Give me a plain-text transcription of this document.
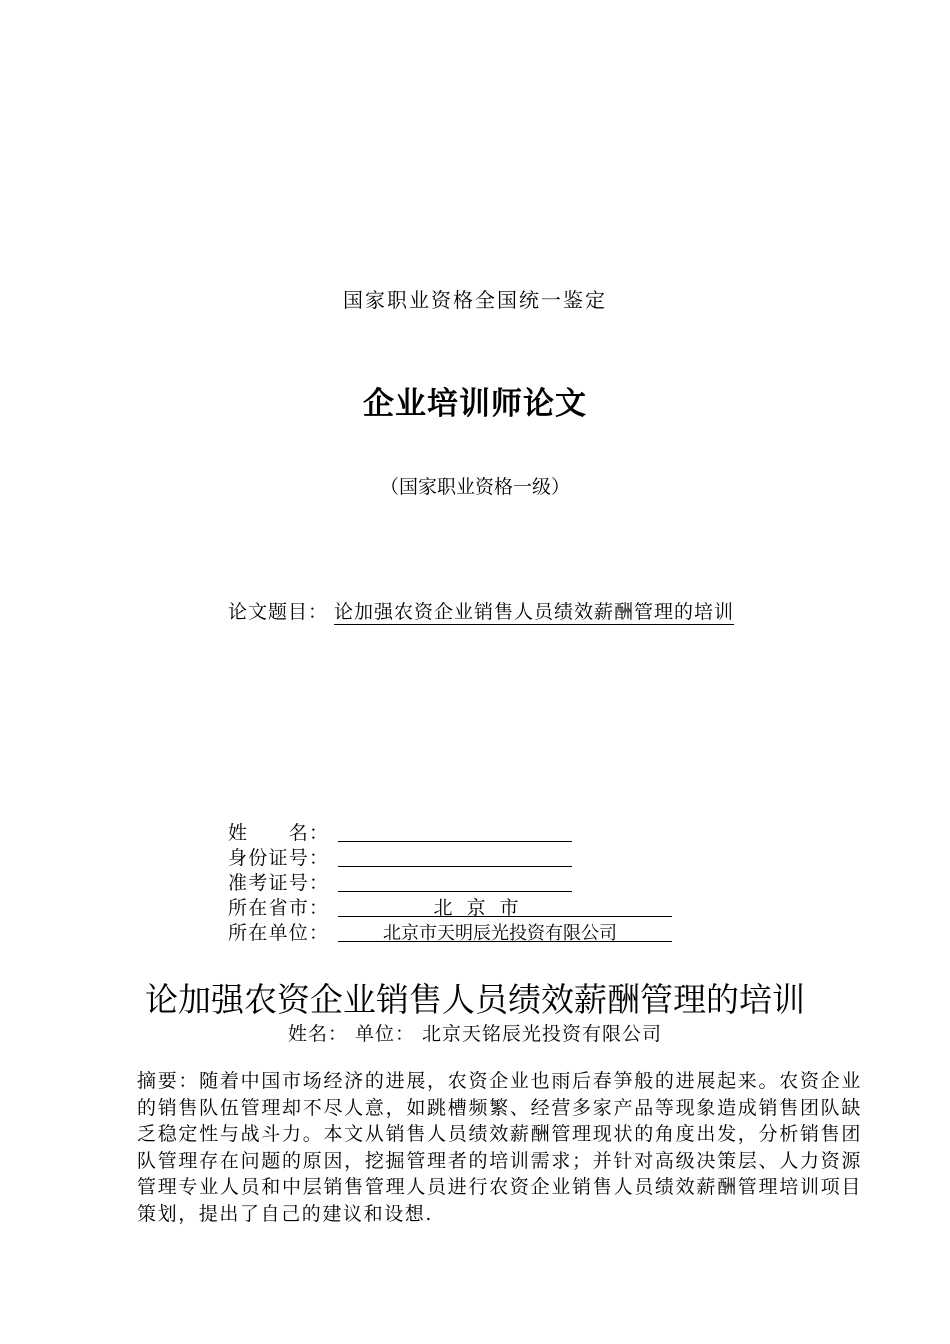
国家职业资格全国统一鉴定
企业培训师论文
（国家职业资格一级）
论文题目： 论加强农资企业销售人员绩效薪酬管理的培训
姓　　名：
身份证号：
准考证号：
所在省市：	北 京 市
所在单位：	北京市天明辰光投资有限公司
论加强农资企业销售人员绩效薪酬管理的培训
姓名： 单位： 北京天铭辰光投资有限公司
摘要：随着中国市场经济的进展，农资企业也雨后春笋般的进展起来。农资企业的销售队伍管理却不尽人意，如跳槽频繁、经营多家产品等现象造成销售团队缺乏稳定性与战斗力。本文从销售人员绩效薪酬管理现状的角度出发，分析销售团队管理存在问题的原因，挖掘管理者的培训需求；并针对高级决策层、人力资源管理专业人员和中层销售管理人员进行农资企业销售人员绩效薪酬管理培训项目策划，提出了自己的建议和设想.
